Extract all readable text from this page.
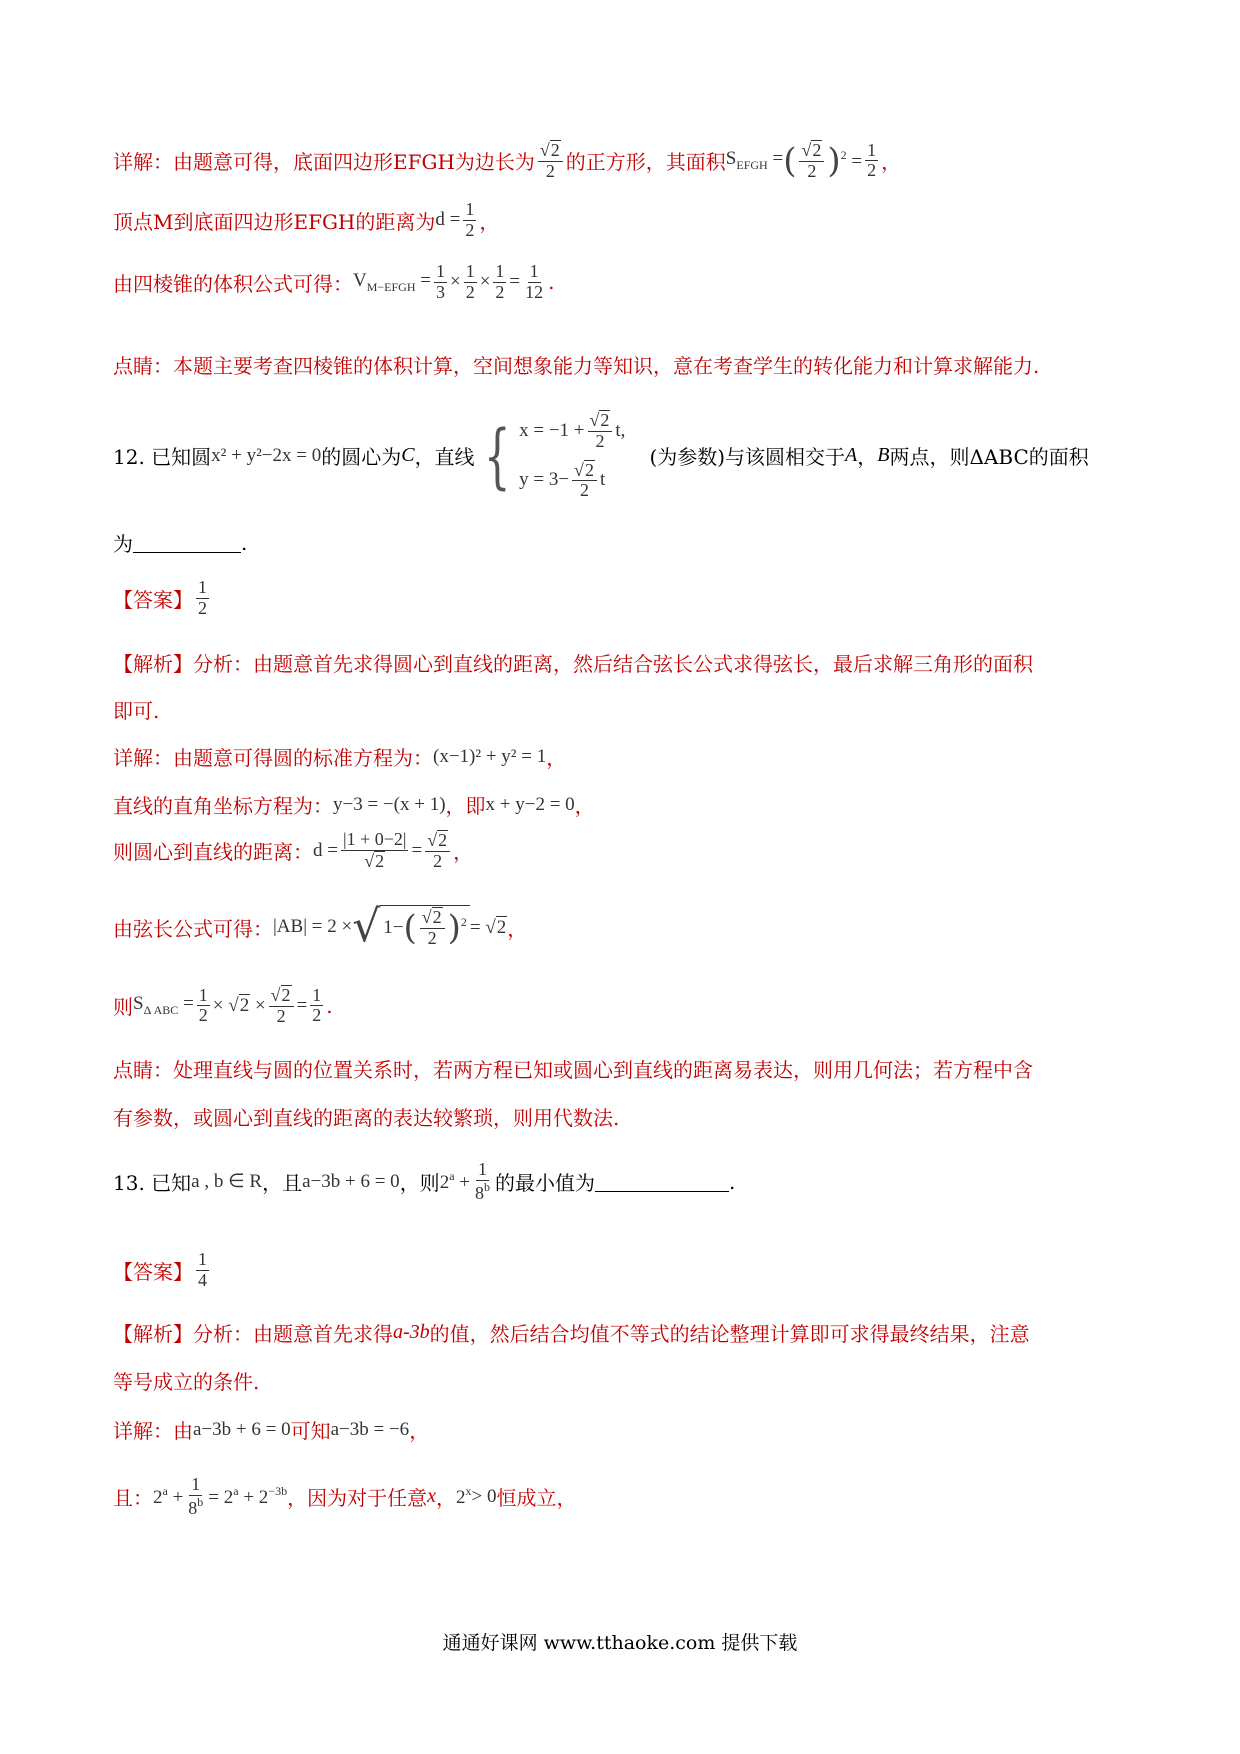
详解：由题意可得，底面四边形EFGH为边长为 $\frac{√ 2}{2}$ 的正方形，其面积 $S_{EFGH}$ = ( $\frac{√ 2}{2}$ ) $^2 = \frac{1}{2}$ ，
顶点M到底面四边形EFGH的距离为 $d = \frac{1}{2}$ ，
由四棱锥的体积公式可得： $V_{M-EFGH} = \frac{1}{3} \times \frac{1}{2} \times \frac{1}{2} = \frac{1}{12}$ .
点睛：本题主要考查四棱锥的体积计算，空间想象能力等知识，意在考查学生的转化能力和计算求解能力.
12. 已知圆 x² + y²−2x = 0 的圆心为 C ，直线 { $x = -1 + \frac{√ 2}{2} t$,
$y = 3- \frac{√ 2}{2}$ t
(为参数)与该圆相交于 A ， B 两点，则ΔABC的面积
为	.
【答案】 $\frac{1}{2}$
【解析】 分析：由题意首先求得圆心到直线的距离，然后结合弦长公式求得弦长，最后求解三角形的面积
即可.
详解：由题意可得圆的标准方程为： (x−1)² + y² = 1 ，
直线的直角坐标方程为： y−3 = −(x + 1) ，即 x + y−2 = 0 ，
则圆心到直线的距离： $d = \frac{|1 + 0-2|}{√ 2} = \frac{√ 2}{2}$ ，
由弦长公式可得： |AB| = 2 × √ 1− ( $\frac{√ 2}{2}$ ) $^2$ = √ 2 ，
则 $S_{\Delta ABC} = \frac{1}{2}$ × √ $2 \times \frac{√ 2}{2} = \frac{1}{2}$ .
点睛：处理直线与圆的位置关系时，若两方程已知或圆心到直线的距离易表达，则用几何法；若方程中含
有参数，或圆心到直线的距离的表达较繁琐，则用代数法.
13. 已知 a , b ∈ R ，且 a−3b + 6 = 0 ，则 $2^a + \frac{1}{8^b}$ 的最小值为	.
【答案】 $\frac{1}{4}$
【解析】 分析：由题意首先求得 a-3b 的值，然后结合均值不等式的结论整理计算即可求得最终结果，注意
等号成立的条件.
详解：由 a−3b + 6 = 0 可知 a−3b = −6 ，
且： $2^a + \frac{1}{8^b} = 2^a + 2^{-3b}$ ，因为对于任意 x ， $2^x > 0$ 恒成立，
通通好课网 www.tthaoke.com 提供下载
